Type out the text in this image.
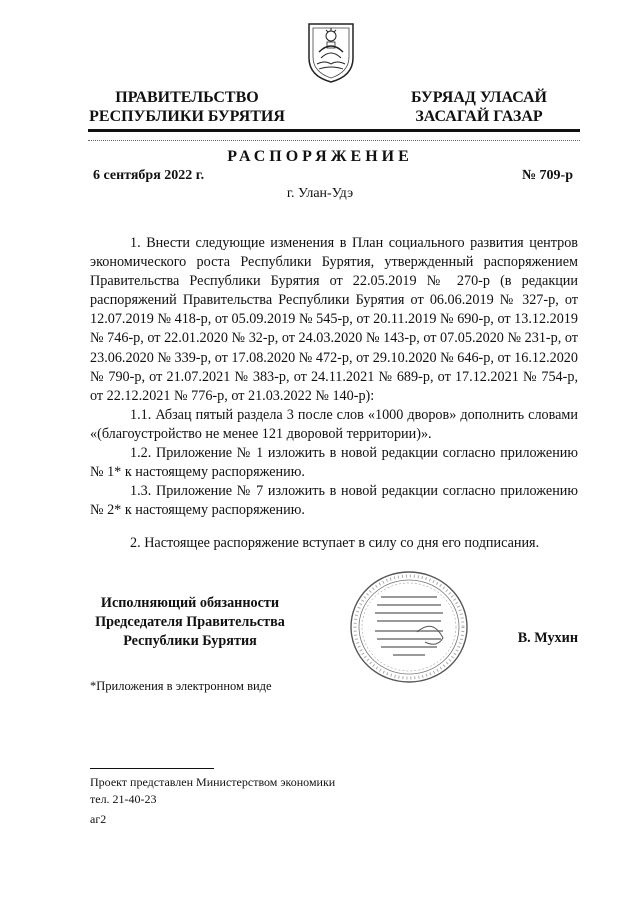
ПРАВИТЕЛЬСТВО
РЕСПУБЛИКИ БУРЯТИЯ
БУРЯАД УЛАСАЙ
ЗАСАГАЙ ГАЗАР
РАСПОРЯЖЕНИЕ
6 сентября 2022 г.	№ 709-р
г. Улан-Удэ

1. Внести следующие изменения в План социального развития центров экономического роста Республики Бурятия, утвержденный распоряжением Правительства Республики Бурятия от 22.05.2019 № 270-р (в редакции распоряжений Правительства Республики Бурятия от 06.06.2019 № 327-р, от 12.07.2019 № 418-р, от 05.09.2019 № 545-р, от 20.11.2019 № 690-р, от 13.12.2019 № 746-р, от 22.01.2020 № 32-р, от 24.03.2020 № 143-р, от 07.05.2020 № 231-р, от 23.06.2020 № 339-р, от 17.08.2020 № 472-р, от 29.10.2020 № 646-р, от 16.12.2020 № 790-р, от 21.07.2021 № 383-р, от 24.11.2021 № 689-р, от 17.12.2021 № 754-р, от 22.12.2021 № 776-р, от 21.03.2022 № 140-р):

1.1. Абзац пятый раздела 3 после слов «1000 дворов» дополнить словами «(благоустройство не менее 121 дворовой территории)».

1.2. Приложение № 1 изложить в новой редакции согласно приложению № 1* к настоящему распоряжению.

1.3. Приложение № 7 изложить в новой редакции согласно приложению № 2* к настоящему распоряжению.

2. Настоящее распоряжение вступает в силу со дня его подписания.

Исполняющий обязанности
Председателя Правительства
Республики Бурятия	В. Мухин
*Приложения в электронном виде
Проект представлен Министерством экономики
тел. 21-40-23
аг2
